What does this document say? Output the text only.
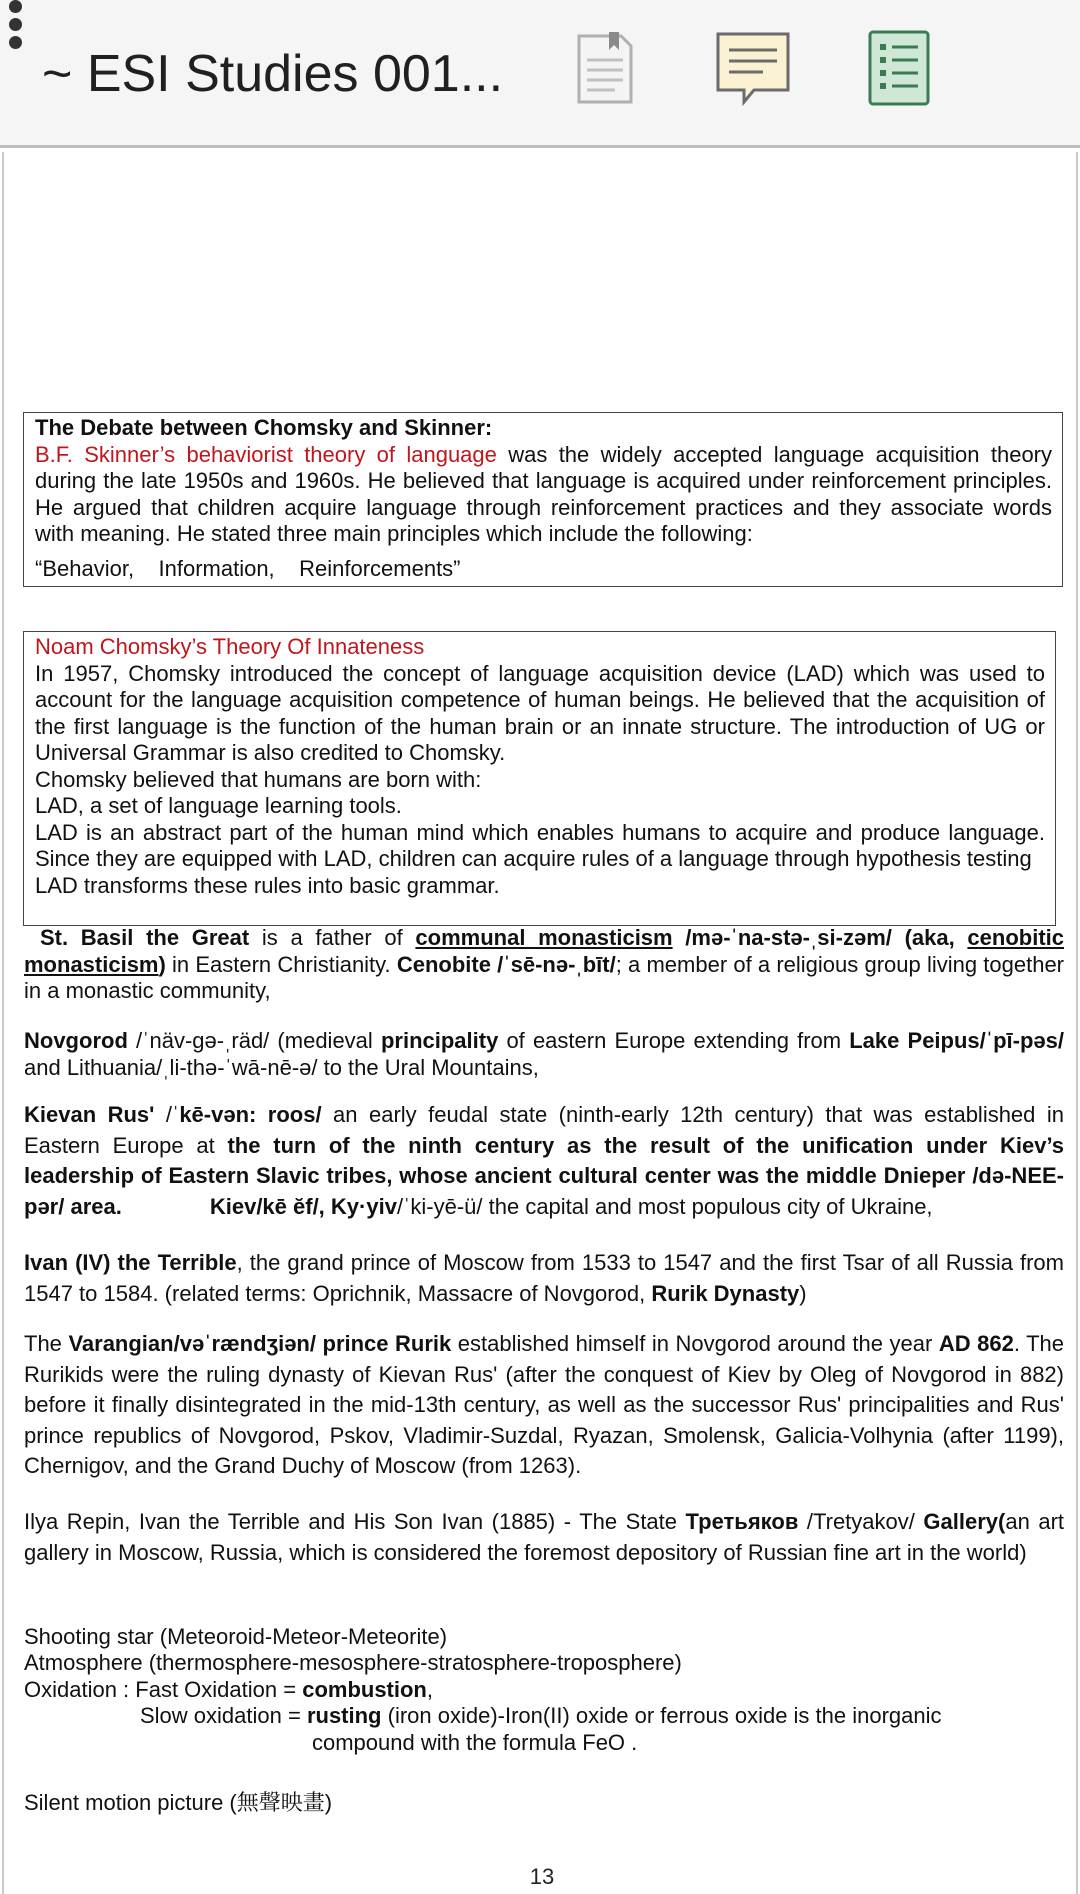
~ ESI Studies 001...

The Debate between Chomsky and Skinner:

B.F. Skinner’s behaviorist theory of language was the widely accepted language acquisition theory during the late 1950s and 1960s. He believed that language is acquired under reinforcement principles. He argued that children acquire language through reinforcement practices and they associate words with meaning. He stated three main principles which include the following:

“Behavior,    Information,    Reinforcements”

Noam Chomsky’s Theory Of Innateness

In 1957, Chomsky introduced the concept of language acquisition device (LAD) which was used to account for the language acquisition competence of human beings. He believed that the acquisition of the first language is the function of the human brain or an innate structure. The introduction of UG or Universal Grammar is also credited to Chomsky.

Chomsky believed that humans are born with:

LAD, a set of language learning tools.

LAD is an abstract part of the human mind which enables humans to acquire and produce language.   Since they are equipped with LAD, children can acquire rules of a language through hypothesis testing

LAD transforms these rules into basic grammar.

St. Basil the Great is a father of communal monasticism /mə-ˈna-stə-ˌsi-zəm/ (aka, cenobitic monasticism) in Eastern Christianity. Cenobite /ˈsē-nə-ˌbīt/; a member of a religious group living together in a monastic community,
Novgorod /ˈnäv-gə-ˌräd/ (medieval principality of eastern Europe extending from Lake Peipus/ˈpī-pəs/ and Lithuania/ˌli-thə-ˈwā-nē-ə/ to the Ural Mountains,
Kievan Rus' /ˈkē-vən: roos/ an early feudal state (ninth-early 12th century) that was established in Eastern Europe at the turn of the ninth century as the result of the unification under Kiev’s leadership of Eastern Slavic tribes, whose ancient cultural center was the middle Dnieper /də-NEE-pər/ area.	Kiev/kē ĕf/, Ky·yiv/ˈki-yē-ü/ the capital and most populous city of Ukraine,
Ivan (IV) the Terrible, the grand prince of Moscow from 1533 to 1547 and the first Tsar of all Russia from 1547 to 1584. (related terms: Oprichnik, Massacre of Novgorod, Rurik Dynasty)
The Varangian/vəˈrændʒiən/ prince Rurik established himself in Novgorod around the year AD 862. The Rurikids were the ruling dynasty of Kievan Rus' (after the conquest of Kiev by Oleg of Novgorod in 882) before it finally disintegrated in the mid-13th century, as well as the successor Rus' principalities and Rus' prince republics of Novgorod, Pskov, Vladimir-Suzdal, Ryazan, Smolensk, Galicia-Volhynia (after 1199), Chernigov, and the Grand Duchy of Moscow (from 1263).
Ilya Repin, Ivan the Terrible and His Son Ivan (1885) - The State Третьяков /Tretyakov/ Gallery(an art gallery in Moscow, Russia, which is considered the foremost depository of Russian fine art in the world)
Shooting star (Meteoroid-Meteor-Meteorite)
Atmosphere (thermosphere-mesosphere-stratosphere-troposphere)
Oxidation : Fast Oxidation = combustion,
Slow oxidation = rusting (iron oxide)-Iron(II) oxide or ferrous oxide is the inorganic
compound with the formula FeO .
Silent motion picture (無聲映畫)
13
